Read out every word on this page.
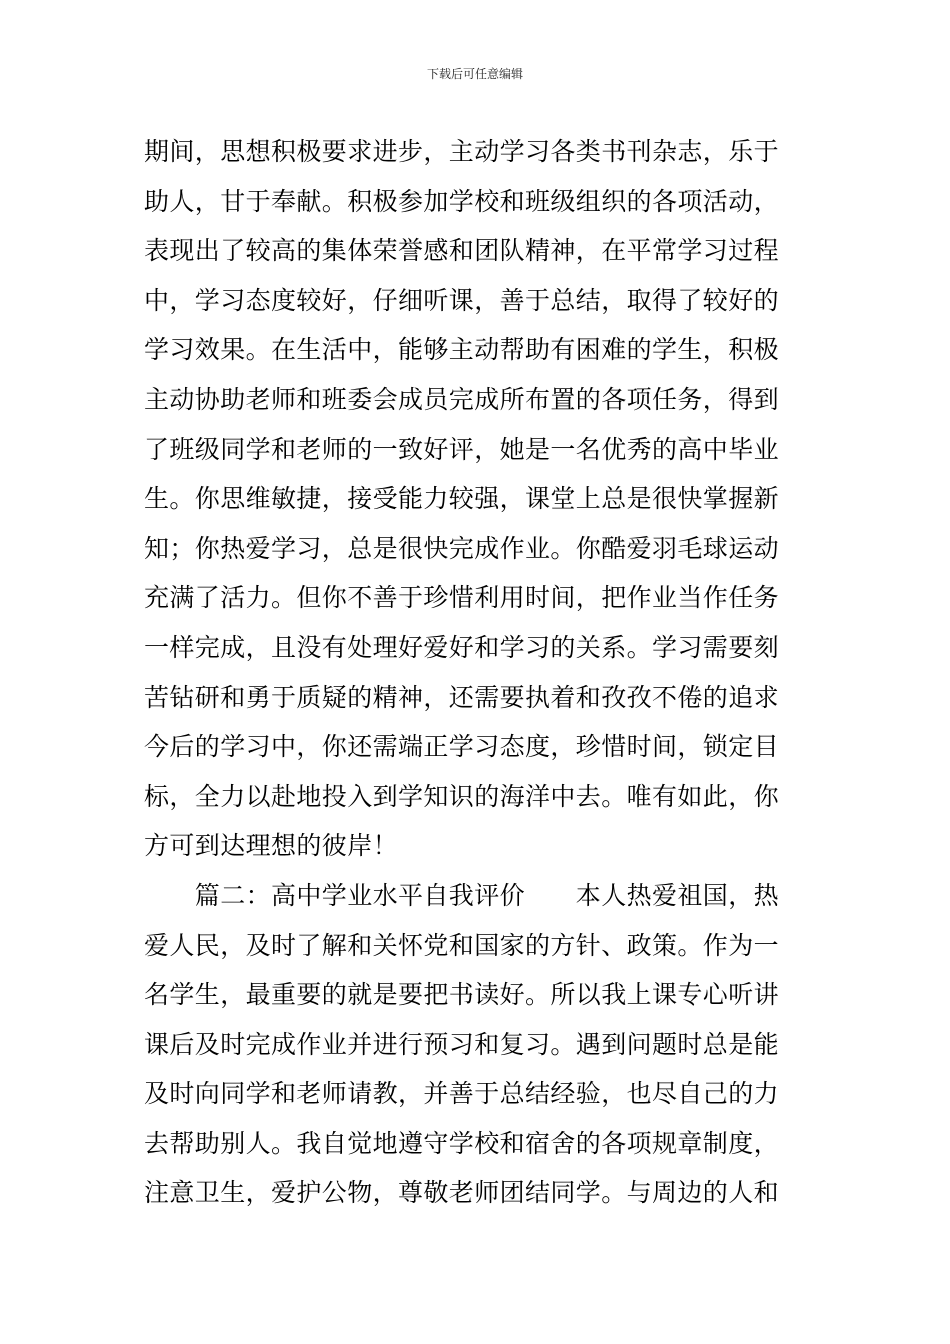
下载后可任意编辑
期间，思想积极要求进步，主动学习各类书刊杂志，乐于
助人，甘于奉献。积极参加学校和班级组织的各项活动，
表现出了较高的集体荣誉感和团队精神，在平常学习过程
中，学习态度较好，仔细听课，善于总结，取得了较好的
学习效果。在生活中，能够主动帮助有困难的学生，积极
主动协助老师和班委会成员完成所布置的各项任务，得到
了班级同学和老师的一致好评，她是一名优秀的高中毕业
生。你思维敏捷，接受能力较强，课堂上总是很快掌握新
知；你热爱学习，总是很快完成作业。你酷爱羽毛球运动
充满了活力。但你不善于珍惜利用时间，把作业当作任务
一样完成，且没有处理好爱好和学习的关系。学习需要刻
苦钻研和勇于质疑的精神，还需要执着和孜孜不倦的追求
今后的学习中，你还需端正学习态度，珍惜时间，锁定目
标，全力以赴地投入到学知识的海洋中去。唯有如此，你
方可到达理想的彼岸！
　　篇二：高中学业水平自我评价　　本人热爱祖国，热
爱人民，及时了解和关怀党和国家的方针、政策。作为一
名学生，最重要的就是要把书读好。所以我上课专心听讲
课后及时完成作业并进行预习和复习。遇到问题时总是能
及时向同学和老师请教，并善于总结经验，也尽自己的力
去帮助别人。我自觉地遵守学校和宿舍的各项规章制度，
注意卫生，爱护公物，尊敬老师团结同学。与周边的人和
